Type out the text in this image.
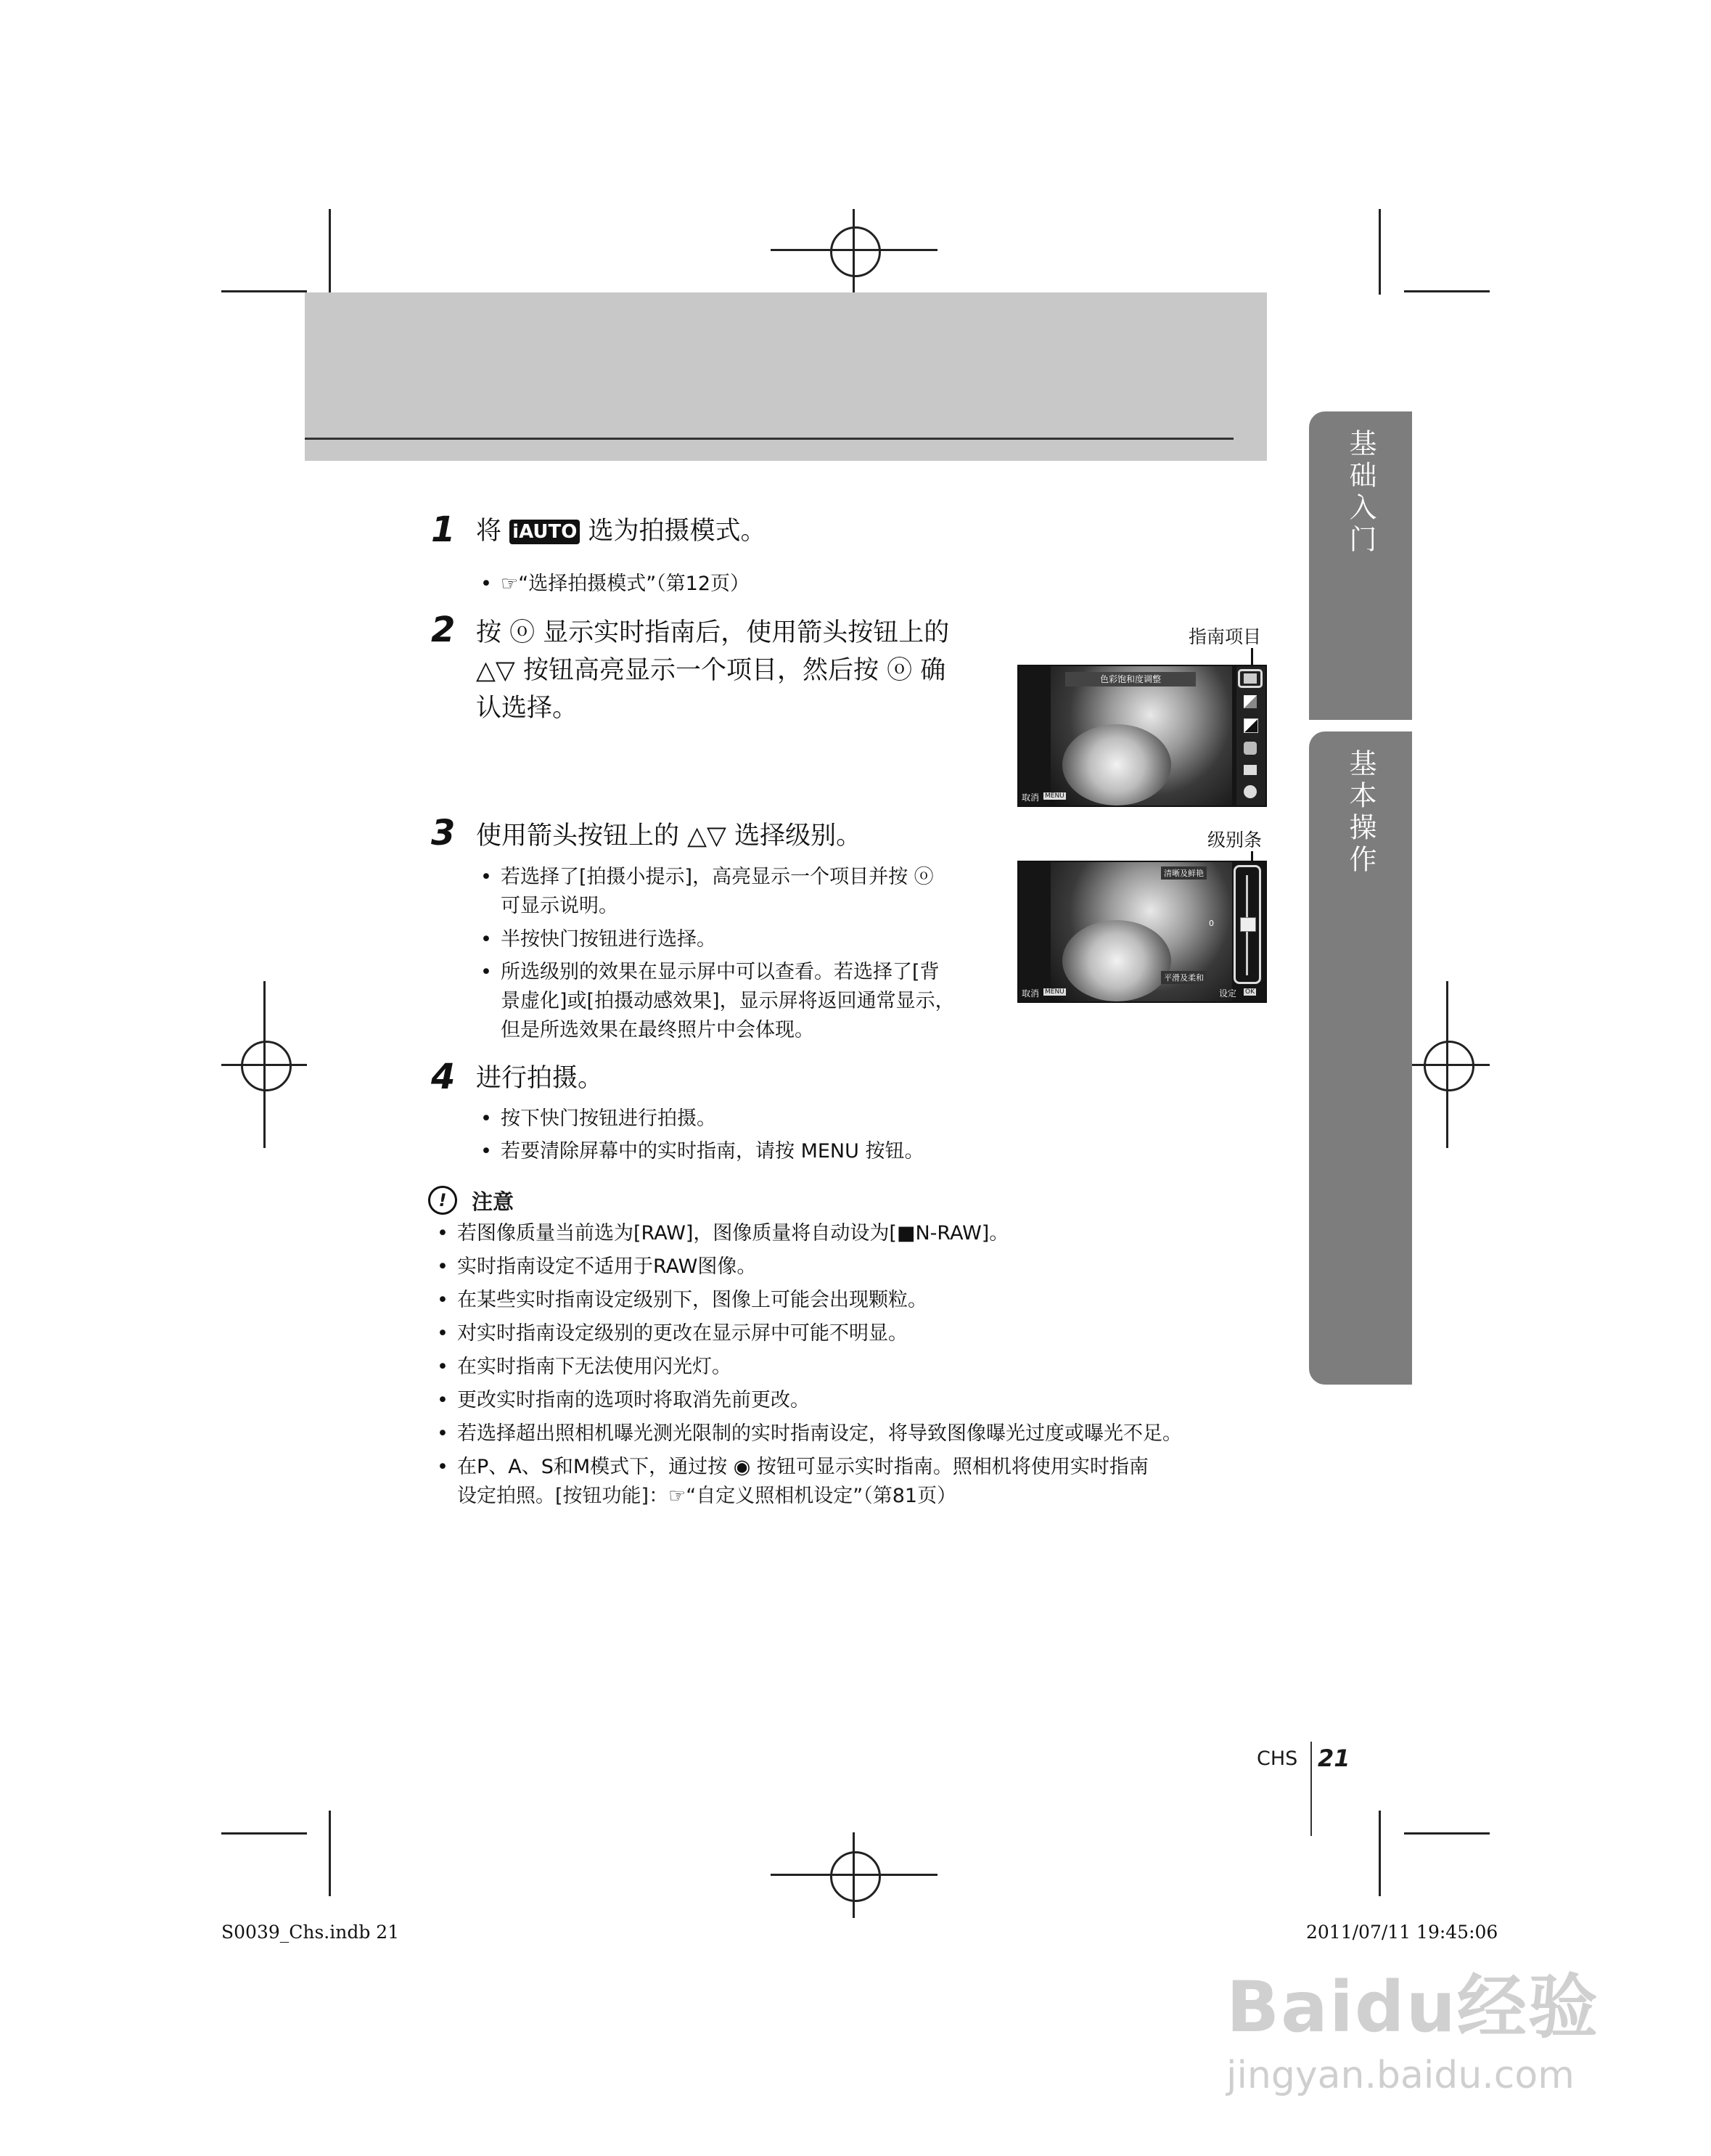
基础入门
基本操作
1 将 iAUTO 选为拍摄模式。
• ☞“选择拍摄模式”（第12页）
2 按 ⓞ 显示实时指南后，使用箭头按钮上的
△▽ 按钮高亮显示一个项目，然后按 ⓞ 确
认选择。
指南项目
色彩饱和度调整
取消 MENU
3 使用箭头按钮上的 △▽ 选择级别。
• 若选择了[拍摄小提示]，高亮显示一个项目并按 ⓞ
可显示说明。
• 半按快门按钮进行选择。
• 所选级别的效果在显示屏中可以查看。若选择了[背
景虚化]或[拍摄动感效果]，显示屏将返回通常显示，
但是所选效果在最终照片中会体现。
级别条
清晰及鲜艳
平滑及柔和
0
取消 MENU	设定 OK
4 进行拍摄。
• 按下快门按钮进行拍摄。
• 若要清除屏幕中的实时指南，请按 MENU 按钮。
!	注意
• 若图像质量当前选为[RAW]，图像质量将自动设为[■N-RAW]。
• 实时指南设定不适用于RAW图像。
• 在某些实时指南设定级别下，图像上可能会出现颗粒。
• 对实时指南设定级别的更改在显示屏中可能不明显。
• 在实时指南下无法使用闪光灯。
• 更改实时指南的选项时将取消先前更改。
• 若选择超出照相机曝光测光限制的实时指南设定，将导致图像曝光过度或曝光不足。
• 在P、A、S和M模式下，通过按 ◉ 按钮可显示实时指南。照相机将使用实时指南
设定拍照。[按钮功能]：☞“自定义照相机设定”（第81页）
CHS 21
S0039_Chs.indb 21	2011/07/11 19:45:06
Baidu经验
jingyan.baidu.com
